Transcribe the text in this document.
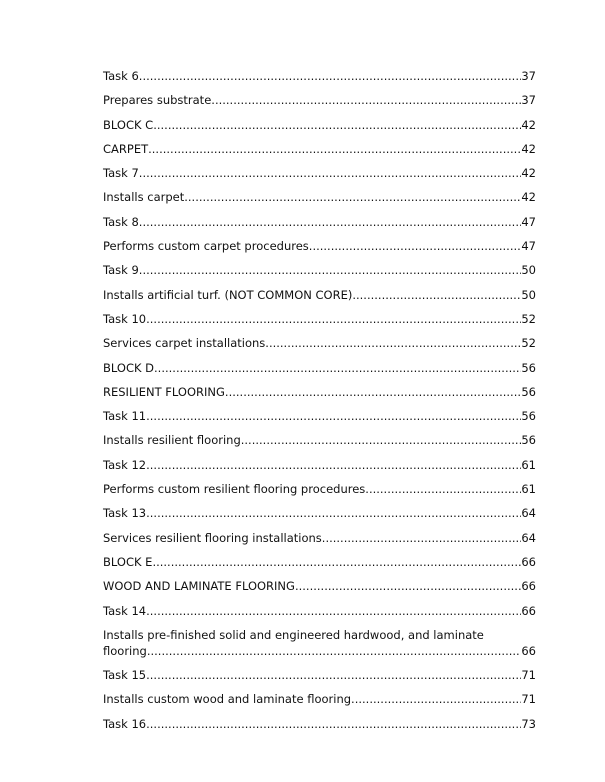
Task 6 .....	37
Prepares substrate. .....	37
BLOCK C .....	42
CARPET .....	42
Task 7 .....	42
Installs carpet. .....	42
Task 8 .....	47
Performs custom carpet procedures. .....	47
Task 9 .....	50
Installs artificial turf. (NOT COMMON CORE) .....	50
Task 10 .....	52
Services carpet installations. .....	52
BLOCK D .....	56
RESILIENT FLOORING .....	56
Task 11 .....	56
Installs resilient flooring. .....	56
Task 12 .....	61
Performs custom resilient flooring procedures. .....	61
Task 13 .....	64
Services resilient flooring installations. .....	64
BLOCK E .....	66
WOOD AND LAMINATE FLOORING .....	66
Task 14 .....	66
Installs pre-finished solid and engineered hardwood, and laminate
flooring. .....	66
Task 15 .....	71
Installs custom wood and laminate flooring. .....	71
Task 16 .....	73
